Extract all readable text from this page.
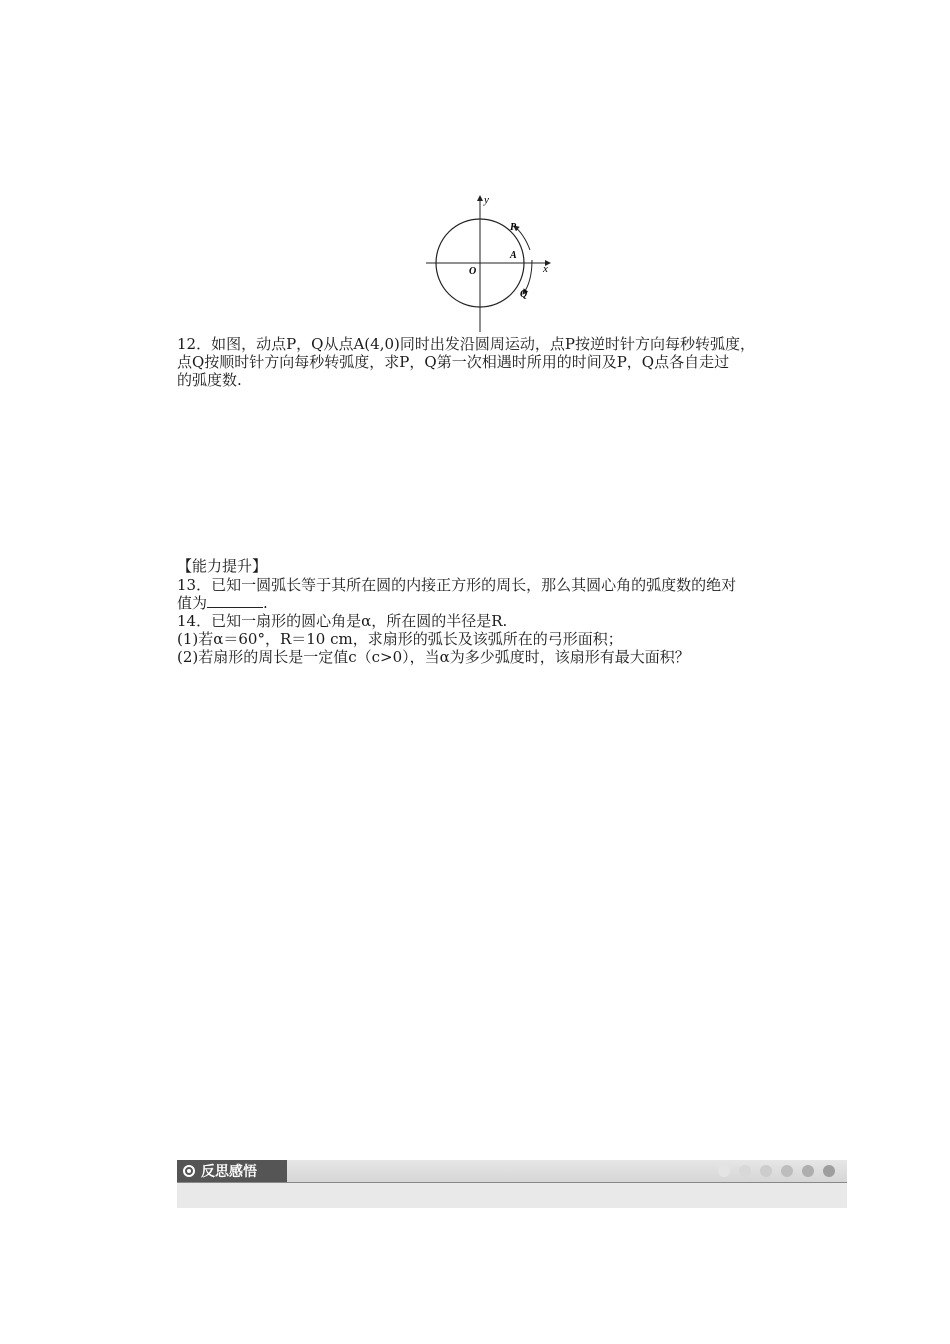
y
x
O
A
P
Q
12．如图，动点P，Q从点A(4,0)同时出发沿圆周运动，点P按逆时针方向每秒转弧度，
点Q按顺时针方向每秒转弧度，求P，Q第一次相遇时所用的时间及P，Q点各自走过
的弧度数.
【能力提升】
13．已知一圆弧长等于其所在圆的内接正方形的周长，那么其圆心角的弧度数的绝对
值为	.
14．已知一扇形的圆心角是α，所在圆的半径是R.
(1)若α＝60°，R＝10 cm，求扇形的弧长及该弧所在的弓形面积；
(2)若扇形的周长是一定值c（c>0），当α为多少弧度时，该扇形有最大面积？
反思感悟
